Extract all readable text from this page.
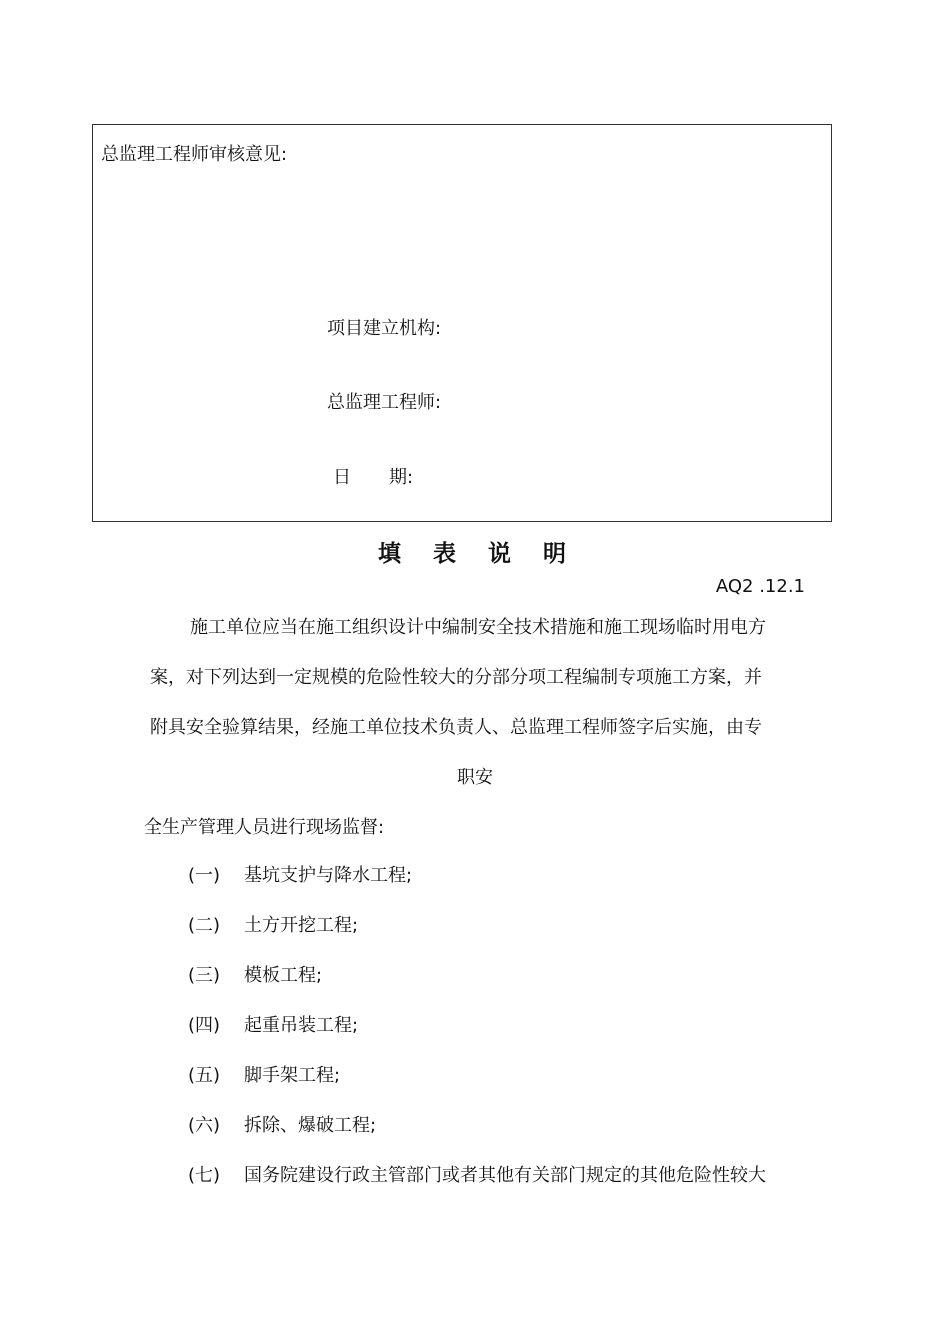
总监理工程师审核意见:
项目建立机构:
总监理工程师:
日 期:
填 表 说 明
AQ2 .12.1
施工单位应当在施工组织设计中编制安全技术措施和施工现场临时用电方
案，对下列达到一定规模的危险性较大的分部分项工程编制专项施工方案，并
附具安全验算结果，经施工单位技术负责人、总监理工程师签字后实施，由专
职安
全生产管理人员进行现场监督:
(一) 基坑支护与降水工程;
(二) 土方开挖工程;
(三) 模板工程;
(四) 起重吊装工程;
(五) 脚手架工程;
(六) 拆除、爆破工程;
(七) 国务院建设行政主管部门或者其他有关部门规定的其他危险性较大
